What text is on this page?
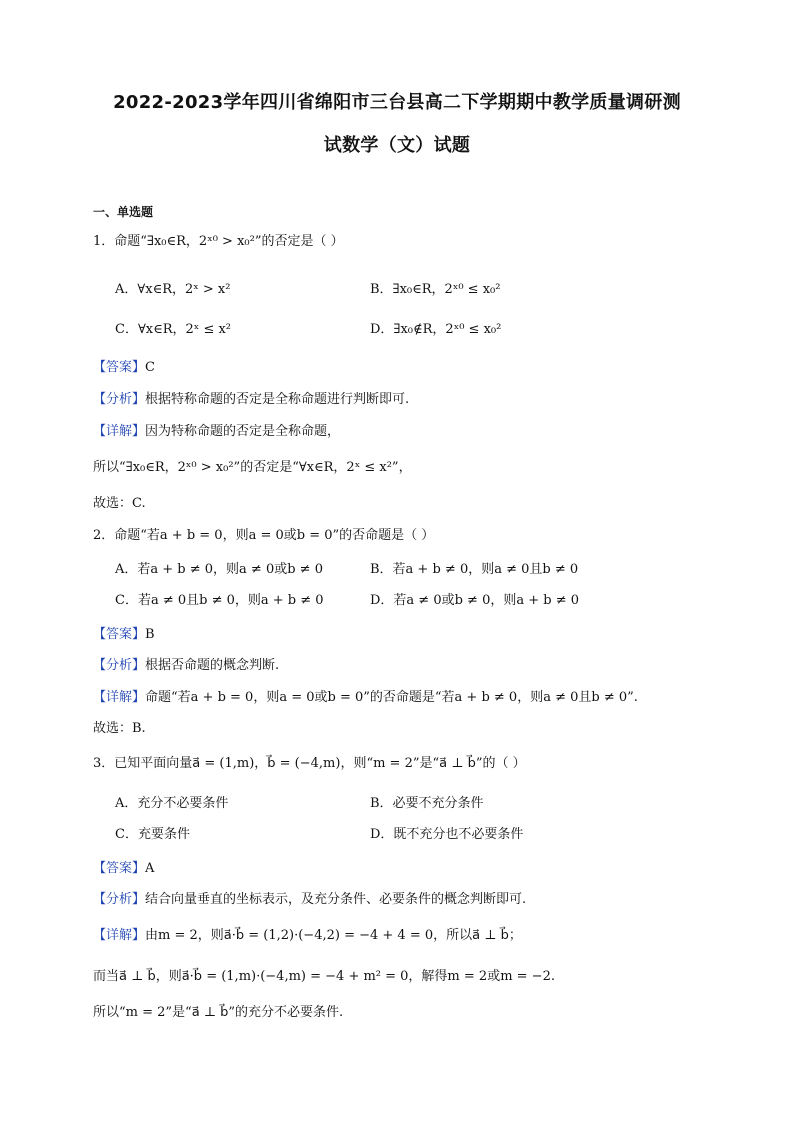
2022-2023学年四川省绵阳市三台县高二下学期期中教学质量调研测
试数学（文）试题
一、单选题
1．命题“∃x₀∈R，2ˣ⁰ > x₀²”的否定是（ ）
A．∀x∈R，2ˣ > x²	B．∃x₀∈R，2ˣ⁰ ≤ x₀²
C．∀x∈R，2ˣ ≤ x²	D．∃x₀∉R，2ˣ⁰ ≤ x₀²
【答案】C
【分析】根据特称命题的否定是全称命题进行判断即可.
【详解】因为特称命题的否定是全称命题，
所以“∃x₀∈R，2ˣ⁰ > x₀²”的否定是“∀x∈R，2ˣ ≤ x²”，
故选：C.
2．命题“若a + b = 0，则a = 0或b = 0”的否命题是（ ）
A．若a + b ≠ 0，则a ≠ 0或b ≠ 0	B．若a + b ≠ 0，则a ≠ 0且b ≠ 0
C．若a ≠ 0且b ≠ 0，则a + b ≠ 0	D．若a ≠ 0或b ≠ 0，则a + b ≠ 0
【答案】B
【分析】根据否命题的概念判断.
【详解】命题“若a + b = 0，则a = 0或b = 0”的否命题是“若a + b ≠ 0，则a ≠ 0且b ≠ 0”.
故选：B.
3．已知平面向量a⃗ = (1,m)，b⃗ = (−4,m)，则“m = 2”是“a⃗ ⊥ b⃗”的（ ）
A．充分不必要条件	B．必要不充分条件
C．充要条件	D．既不充分也不必要条件
【答案】A
【分析】结合向量垂直的坐标表示，及充分条件、必要条件的概念判断即可.
【详解】由m = 2，则a⃗·b⃗ = (1,2)·(−4,2) = −4 + 4 = 0，所以a⃗ ⊥ b⃗；
而当a⃗ ⊥ b⃗，则a⃗·b⃗ = (1,m)·(−4,m) = −4 + m² = 0，解得m = 2或m = −2.
所以“m = 2”是“a⃗ ⊥ b⃗”的充分不必要条件.
